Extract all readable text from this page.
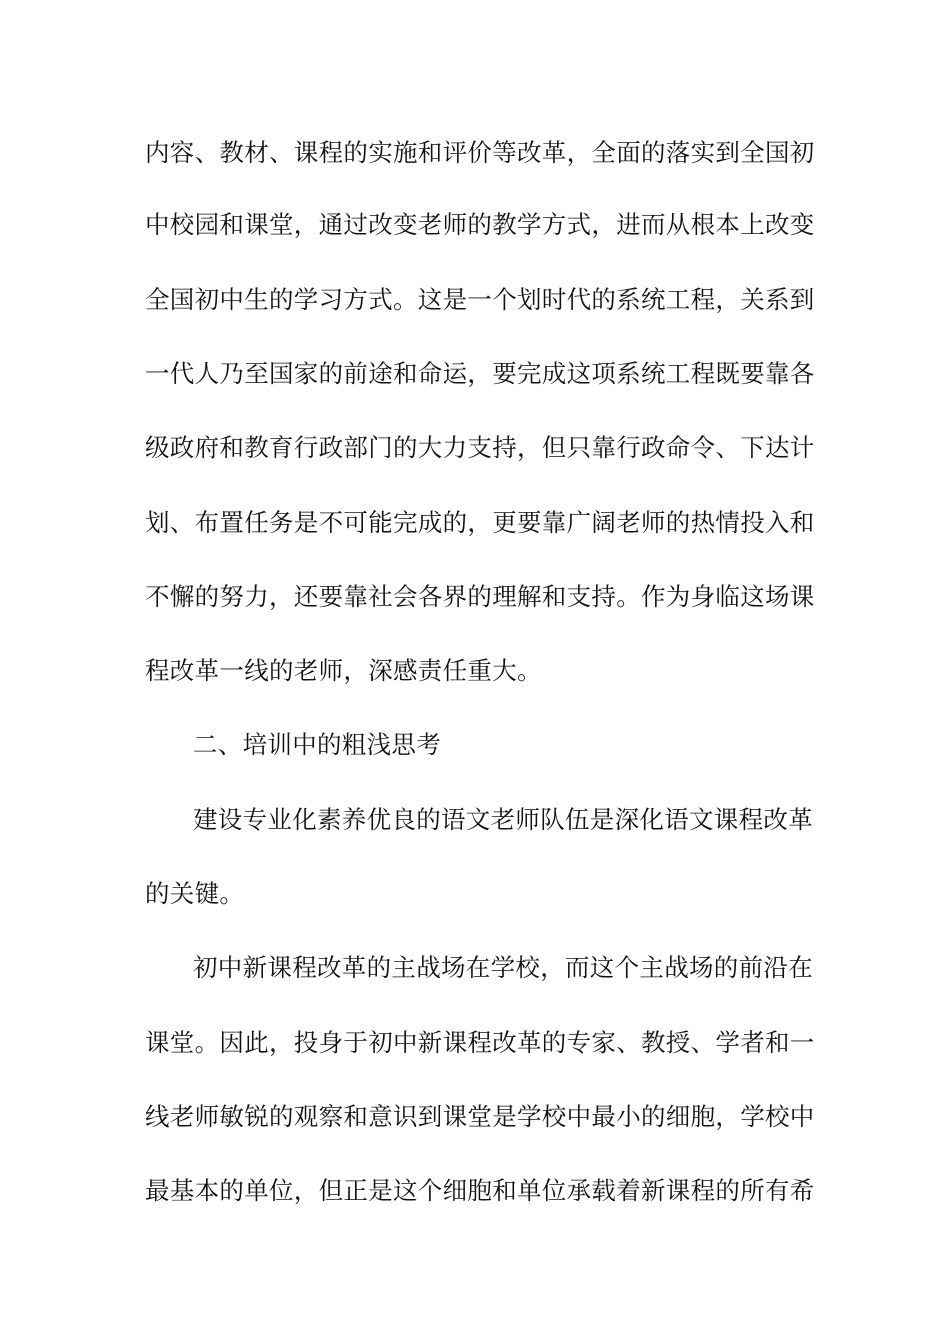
内容、教材、课程的实施和评价等改革，全面的落实到全国初
中校园和课堂，通过改变老师的教学方式，进而从根本上改变
全国初中生的学习方式。这是一个划时代的系统工程，关系到
一代人乃至国家的前途和命运，要完成这项系统工程既要靠各
级政府和教育行政部门的大力支持，但只靠行政命令、下达计
划、布置任务是不可能完成的，更要靠广阔老师的热情投入和
不懈的努力，还要靠社会各界的理解和支持。作为身临这场课
程改革一线的老师，深感责任重大。
二、培训中的粗浅思考
建设专业化素养优良的语文老师队伍是深化语文课程改革
的关键。
初中新课程改革的主战场在学校，而这个主战场的前沿在
课堂。因此，投身于初中新课程改革的专家、教授、学者和一
线老师敏锐的观察和意识到课堂是学校中最小的细胞，学校中
最基本的单位，但正是这个细胞和单位承载着新课程的所有希
